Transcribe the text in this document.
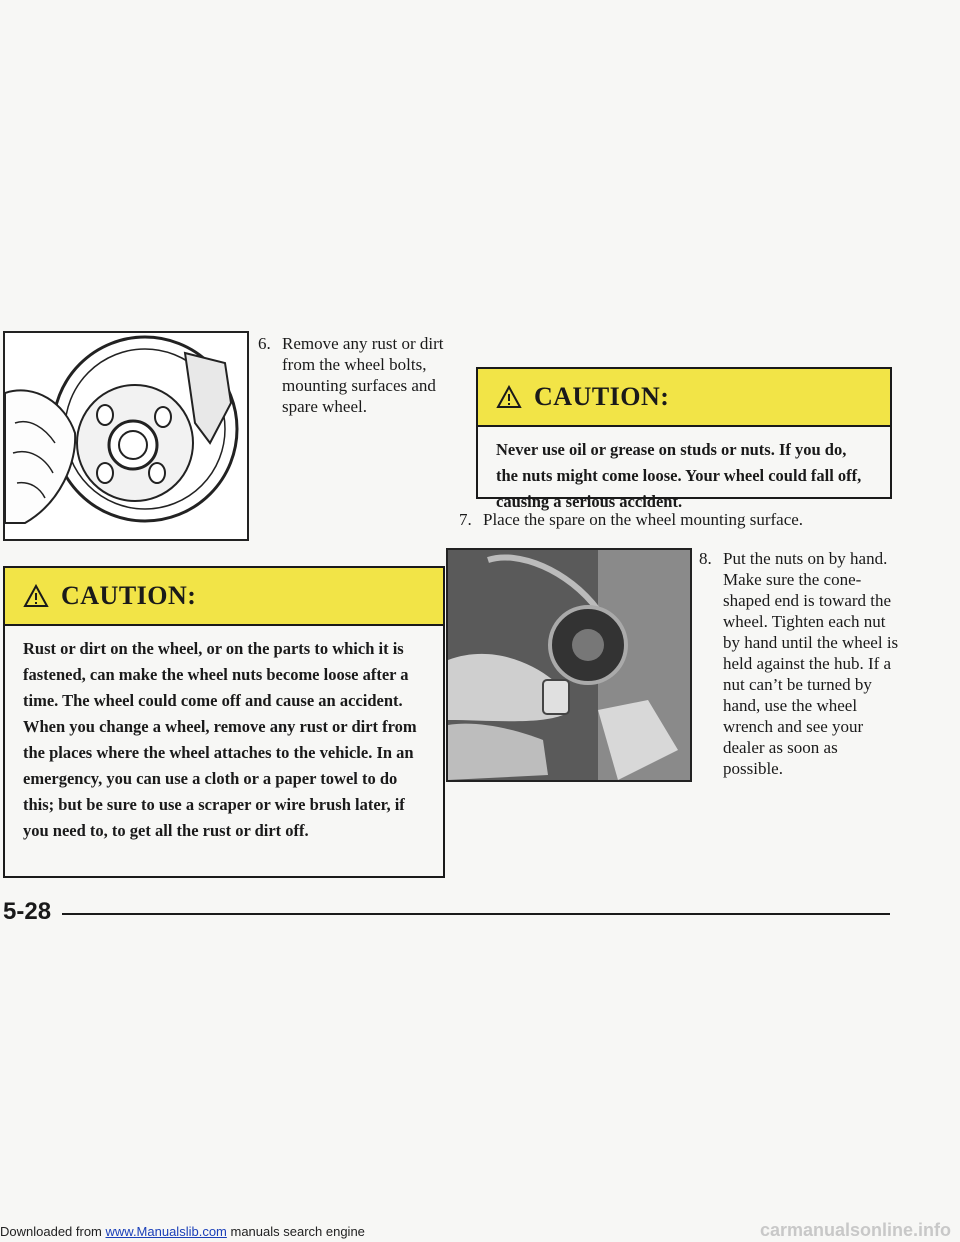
6. Remove any rust or dirt from the wheel bolts, mounting surfaces and spare wheel.	CAUTION:
Never use oil or grease on studs or nuts. If you do, the nuts might come loose. Your wheel could fall off, causing a serious accident.
7. Place the spare on the wheel mounting surface.
8. Put the nuts on by hand. Make sure the cone-shaped end is toward the wheel. Tighten each nut by hand until the wheel is held against the hub. If a nut can’t be turned by hand, use the wheel wrench and see your dealer as soon as possible.
CAUTION:
Rust or dirt on the wheel, or on the parts to which it is fastened, can make the wheel nuts become loose after a time. The wheel could come off and cause an accident. When you change a wheel, remove any rust or dirt from the places where the wheel attaches to the vehicle. In an emergency, you can use a cloth or a paper towel to do this; but be sure to use a scraper or wire brush later, if you need to, to get all the rust or dirt off.
5-28
Downloaded from www.Manualslib.com manuals search engine	carmanualsonline.info
